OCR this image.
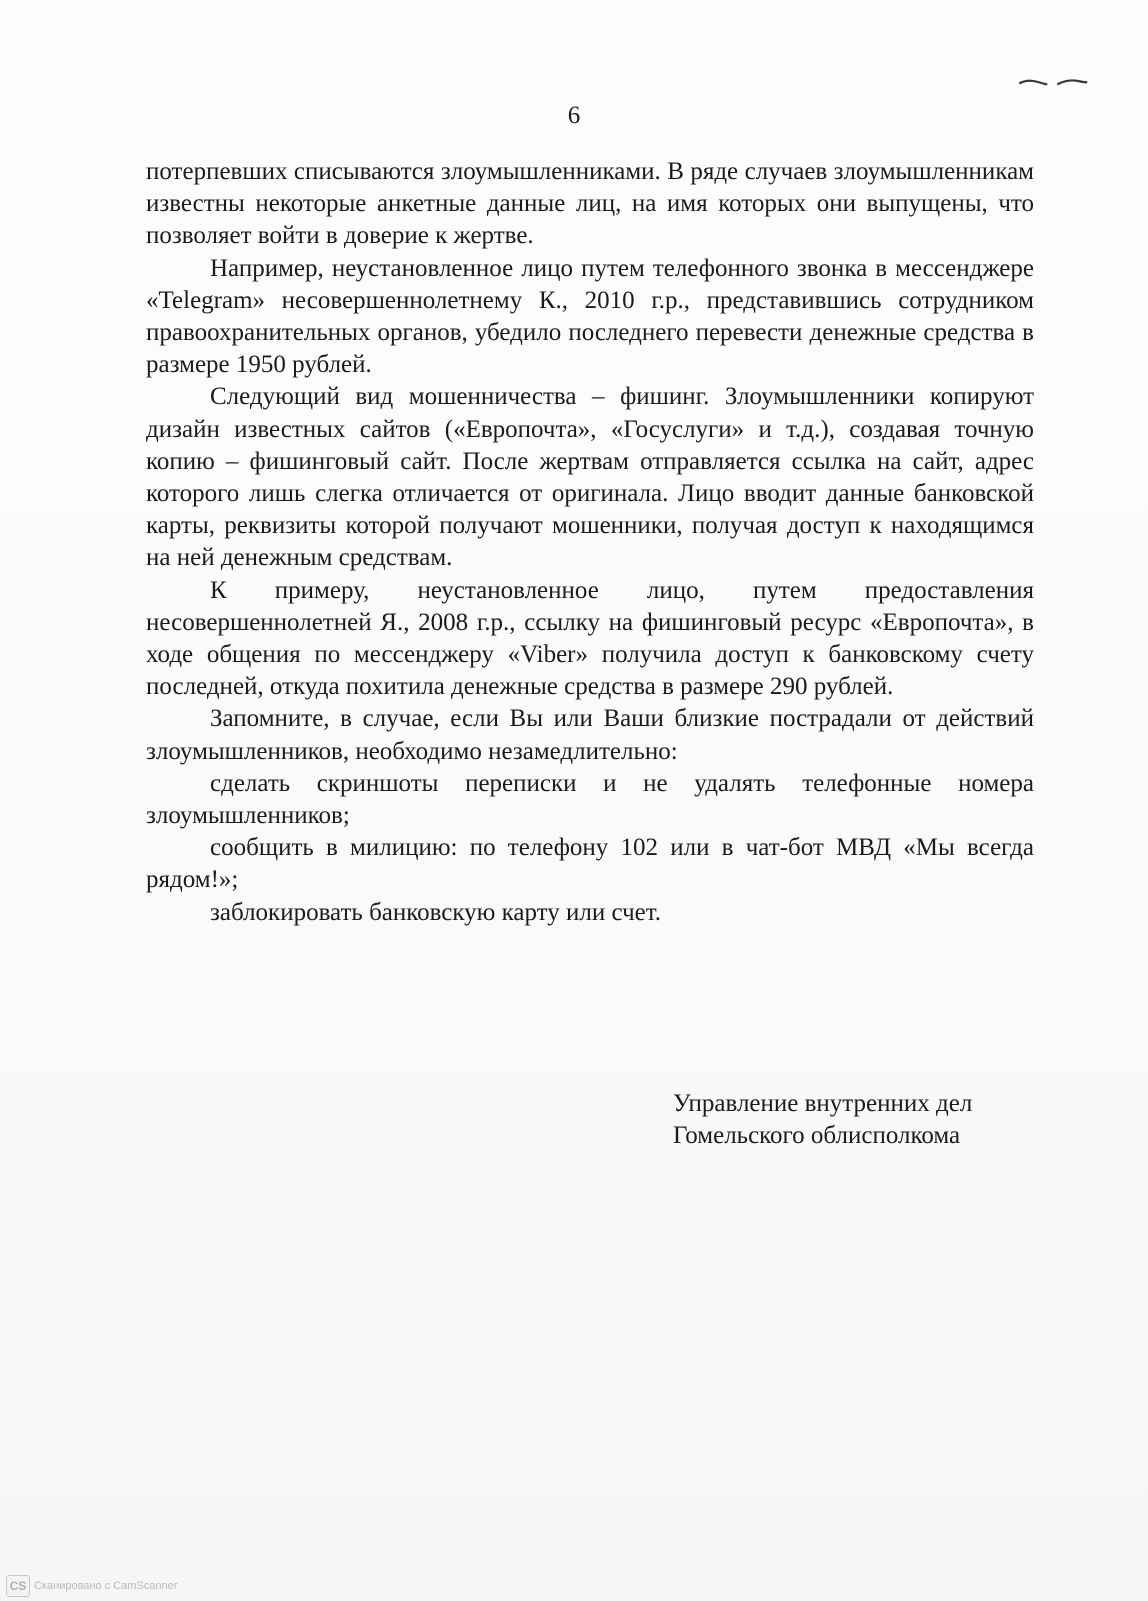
6

потерпевших списываются злоумышленниками. В ряде случаев злоумышленникам известны некоторые анкетные данные лиц, на имя которых они выпущены, что позволяет войти в доверие к жертве.

Например, неустановленное лицо путем телефонного звонка в мессенджере «Telegram» несовершеннолетнему К., 2010 г.р., представившись сотрудником правоохранительных органов, убедило последнего перевести денежные средства в размере 1950 рублей.

Следующий вид мошенничества – фишинг. Злоумышленники копируют дизайн известных сайтов («Европочта», «Госуслуги» и т.д.), создавая точную копию – фишинговый сайт. После жертвам отправляется ссылка на сайт, адрес которого лишь слегка отличается от оригинала. Лицо вводит данные банковской карты, реквизиты которой получают мошенники, получая доступ к находящимся на ней денежным средствам.

К примеру, неустановленное лицо, путем предоставления несовершеннолетней Я., 2008 г.р., ссылку на фишинговый ресурс «Европочта», в ходе общения по мессенджеру «Viber» получила доступ к банковскому счету последней, откуда похитила денежные средства в размере 290 рублей.

Запомните, в случае, если Вы или Ваши близкие пострадали от действий злоумышленников, необходимо незамедлительно:

сделать скриншоты переписки и не удалять телефонные номера злоумышленников;

сообщить в милицию: по телефону 102 или в чат-бот МВД «Мы всегда рядом!»;

заблокировать банковскую карту или счет.

Управление внутренних дел
Гомельского облисполкома
CS Сканировано с CamScanner
